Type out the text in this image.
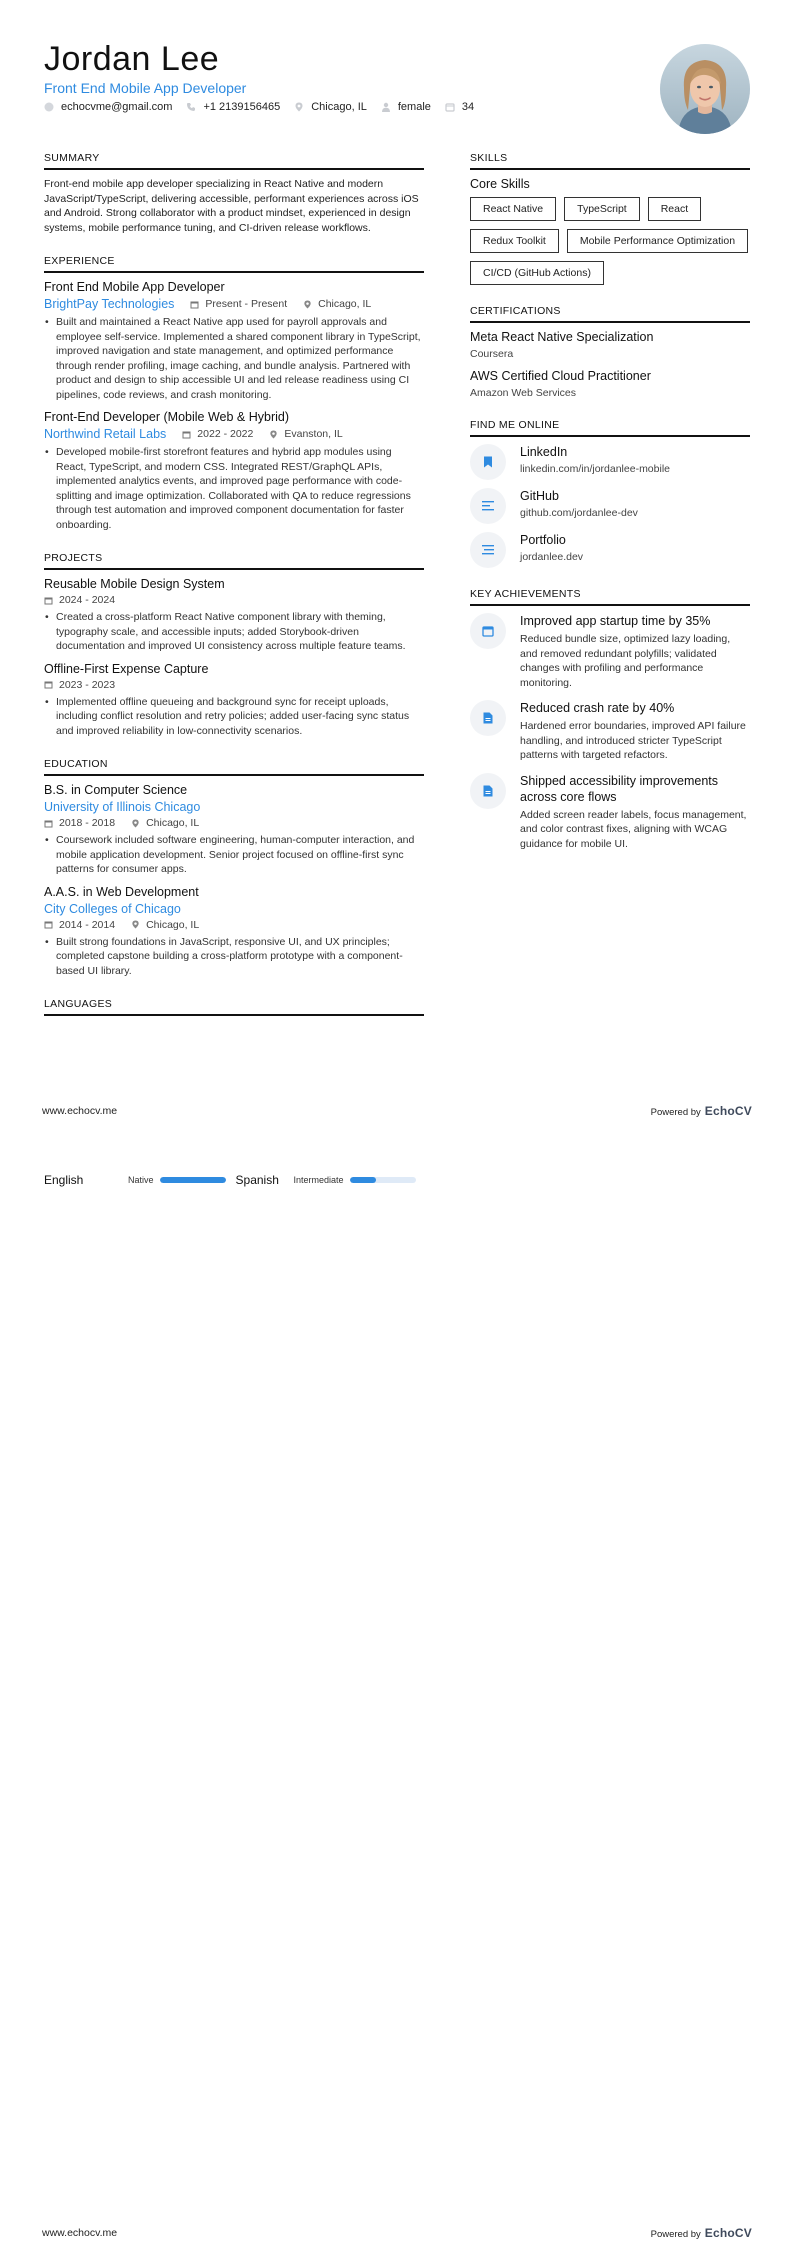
Jordan Lee
Front End Mobile App Developer
echocvme@gmail.com	+1 2139156465	Chicago, IL	female	34
SUMMARY
Front-end mobile app developer specializing in React Native and modern JavaScript/TypeScript, delivering accessible, performant experiences across iOS and Android. Strong collaborator with a product mindset, experienced in design systems, mobile performance tuning, and CI-driven release workflows.
EXPERIENCE
Front End Mobile App Developer
BrightPay Technologies	Present - Present	Chicago, IL
• Built and maintained a React Native app used for payroll approvals and employee self-service. Implemented a shared component library in TypeScript, improved navigation and state management, and optimized performance through render profiling, image caching, and bundle analysis. Partnered with product and design to ship accessible UI and led release readiness using CI pipelines, code reviews, and crash monitoring.
Front-End Developer (Mobile Web & Hybrid)
Northwind Retail Labs	2022 - 2022	Evanston, IL
• Developed mobile-first storefront features and hybrid app modules using React, TypeScript, and modern CSS. Integrated REST/GraphQL APIs, implemented analytics events, and improved page performance with code-splitting and image optimization. Collaborated with QA to reduce regressions through test automation and improved component documentation for faster onboarding.
PROJECTS
Reusable Mobile Design System
2024 - 2024
• Created a cross-platform React Native component library with theming, typography scale, and accessible inputs; added Storybook-driven documentation and improved UI consistency across multiple feature teams.
Offline-First Expense Capture
2023 - 2023
• Implemented offline queueing and background sync for receipt uploads, including conflict resolution and retry policies; added user-facing sync status and improved reliability in low-connectivity scenarios.
EDUCATION
B.S. in Computer Science
University of Illinois Chicago
2018 - 2018	Chicago, IL
• Coursework included software engineering, human-computer interaction, and mobile application development. Senior project focused on offline-first sync patterns for consumer apps.
A.A.S. in Web Development
City Colleges of Chicago
2014 - 2014	Chicago, IL
• Built strong foundations in JavaScript, responsive UI, and UX principles; completed capstone building a cross-platform prototype with a component-based UI library.
LANGUAGES
SKILLS
Core Skills
React Native	TypeScript	React
Redux Toolkit	Mobile Performance Optimization
CI/CD (GitHub Actions)
CERTIFICATIONS
Meta React Native Specialization
Coursera
AWS Certified Cloud Practitioner
Amazon Web Services
FIND ME ONLINE
LinkedIn
linkedin.com/in/jordanlee-mobile
GitHub
github.com/jordanlee-dev
Portfolio
jordanlee.dev
KEY ACHIEVEMENTS
Improved app startup time by 35%
Reduced bundle size, optimized lazy loading, and removed redundant polyfills; validated changes with profiling and performance monitoring.
Reduced crash rate by 40%
Hardened error boundaries, improved API failure handling, and introduced stricter TypeScript patterns with targeted refactors.
Shipped accessibility improvements across core flows
Added screen reader labels, focus management, and color contrast fixes, aligning with WCAG guidance for mobile UI.
www.echocv.me	Powered by EchoCV
English	Native	Spanish	Intermediate
www.echocv.me	Powered by EchoCV
